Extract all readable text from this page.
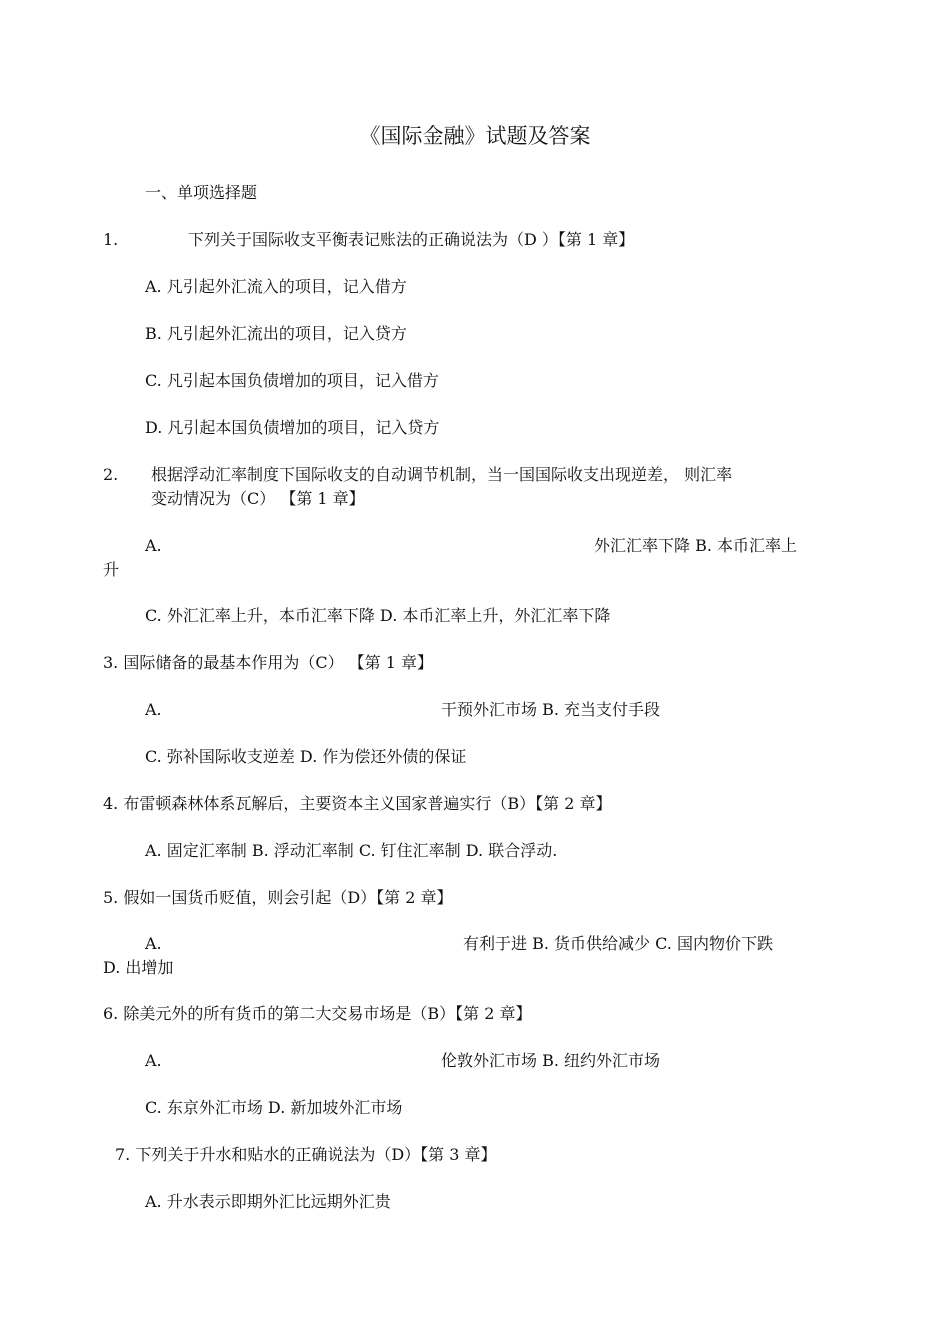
《国际金融》试题及答案
一、单项选择题
1.	下列关于国际收支平衡表记账法的正确说法为（D ）【第 1 章】
A. 凡引起外汇流入的项目，记入借方
B. 凡引起外汇流出的项目，记入贷方
C. 凡引起本国负债增加的项目，记入借方
D. 凡引起本国负债增加的项目，记入贷方
2. 根据浮动汇率制度下国际收支的自动调节机制，当一国国际收支出现逆差， 则汇率
变动情况为（C） 【第 1 章】
A.	外汇汇率下降 B. 本币汇率上
升
C. 外汇汇率上升，本币汇率下降 D. 本币汇率上升，外汇汇率下降
3. 国际储备的最基本作用为（C） 【第 1 章】
A.	干预外汇市场 B. 充当支付手段
C. 弥补国际收支逆差 D. 作为偿还外债的保证
4. 布雷顿森林体系瓦解后，主要资本主义国家普遍实行（B）【第 2 章】
A. 固定汇率制 B. 浮动汇率制 C. 钉住汇率制 D. 联合浮动.
5. 假如一国货币贬值，则会引起（D）【第 2 章】
A.	有利于进 B. 货币供给减少 C. 国内物价下跌
D. 出增加
6. 除美元外的所有货币的第二大交易市场是（B）【第 2 章】
A.	伦敦外汇市场 B. 纽约外汇市场
C. 东京外汇市场 D. 新加坡外汇市场
7. 下列关于升水和贴水的正确说法为（D）【第 3 章】
A. 升水表示即期外汇比远期外汇贵
